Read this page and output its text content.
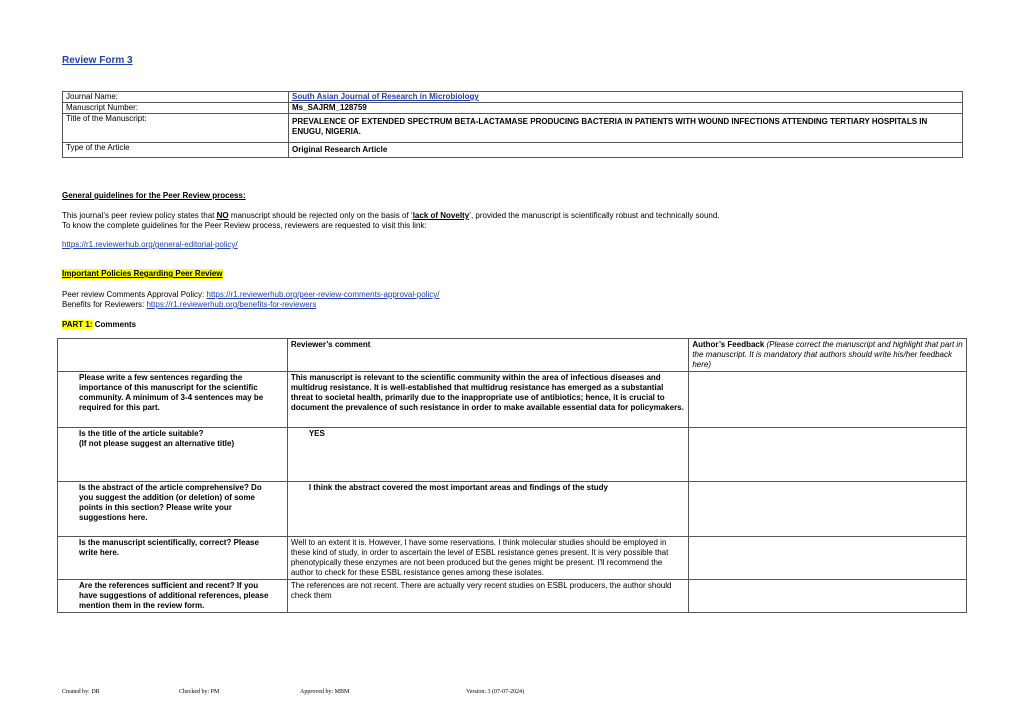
Review Form 3
Journal Name:	South Asian Journal of Research in Microbiology
Manuscript Number:	Ms_SAJRM_128759
Title of the Manuscript:	PREVALENCE OF EXTENDED SPECTRUM BETA-LACTAMASE PRODUCING BACTERIA IN PATIENTS WITH WOUND INFECTIONS ATTENDING TERTIARY HOSPITALS IN ENUGU, NIGERIA.
Type of the Article	Original Research Article
General guidelines for the Peer Review process:
This journal’s peer review policy states that NO manuscript should be rejected only on the basis of ‘lack of Novelty’, provided the manuscript is scientifically robust and technically sound.
To know the complete guidelines for the Peer Review process, reviewers are requested to visit this link:
https://r1.reviewerhub.org/general-editorial-policy/
Important Policies Regarding Peer Review
Peer review Comments Approval Policy: https://r1.reviewerhub.org/peer-review-comments-approval-policy/
Benefits for Reviewers: https://r1.reviewerhub.org/benefits-for-reviewers
PART 1: Comments
	Reviewer’s comment	Author’s Feedback (Please correct the manuscript and highlight that part in the manuscript. It is mandatory that authors should write his/her feedback here)
Please write a few sentences regarding the importance of this manuscript for the scientific community. A minimum of 3-4 sentences may be required for this part.	This manuscript is relevant to the scientific community within the area of infectious diseases and multidrug resistance. It is well-established that multidrug resistance has emerged as a substantial threat to societal health, primarily due to the inappropriate use of antibiotics; hence, it is crucial to document the prevalence of such resistance in order to make available essential data for policymakers.	
Is the title of the article suitable?
(If not please suggest an alternative title)	YES	
Is the abstract of the article comprehensive? Do you suggest the addition (or deletion) of some points in this section? Please write your suggestions here.	I think the abstract covered the most important areas and findings of the study	
Is the manuscript scientifically, correct? Please write here.	Well to an extent it is. However, I have some reservations. I think molecular studies should be employed in these kind of study, in order to ascertain the level of ESBL resistance genes present. It is very possible that phenotypically these enzymes are not been produced but the genes might be present. I'll recommend the author to check for these ESBL resistance genes among these isolates.	
Are the references sufficient and recent? If you have suggestions of additional references, please mention them in the review form.	The references are not recent. There are actually very recent studies on ESBL producers, the author should check them	
Created by: DR	Checked by: PM	Approved by: MBM	Version: 3 (07-07-2024)
